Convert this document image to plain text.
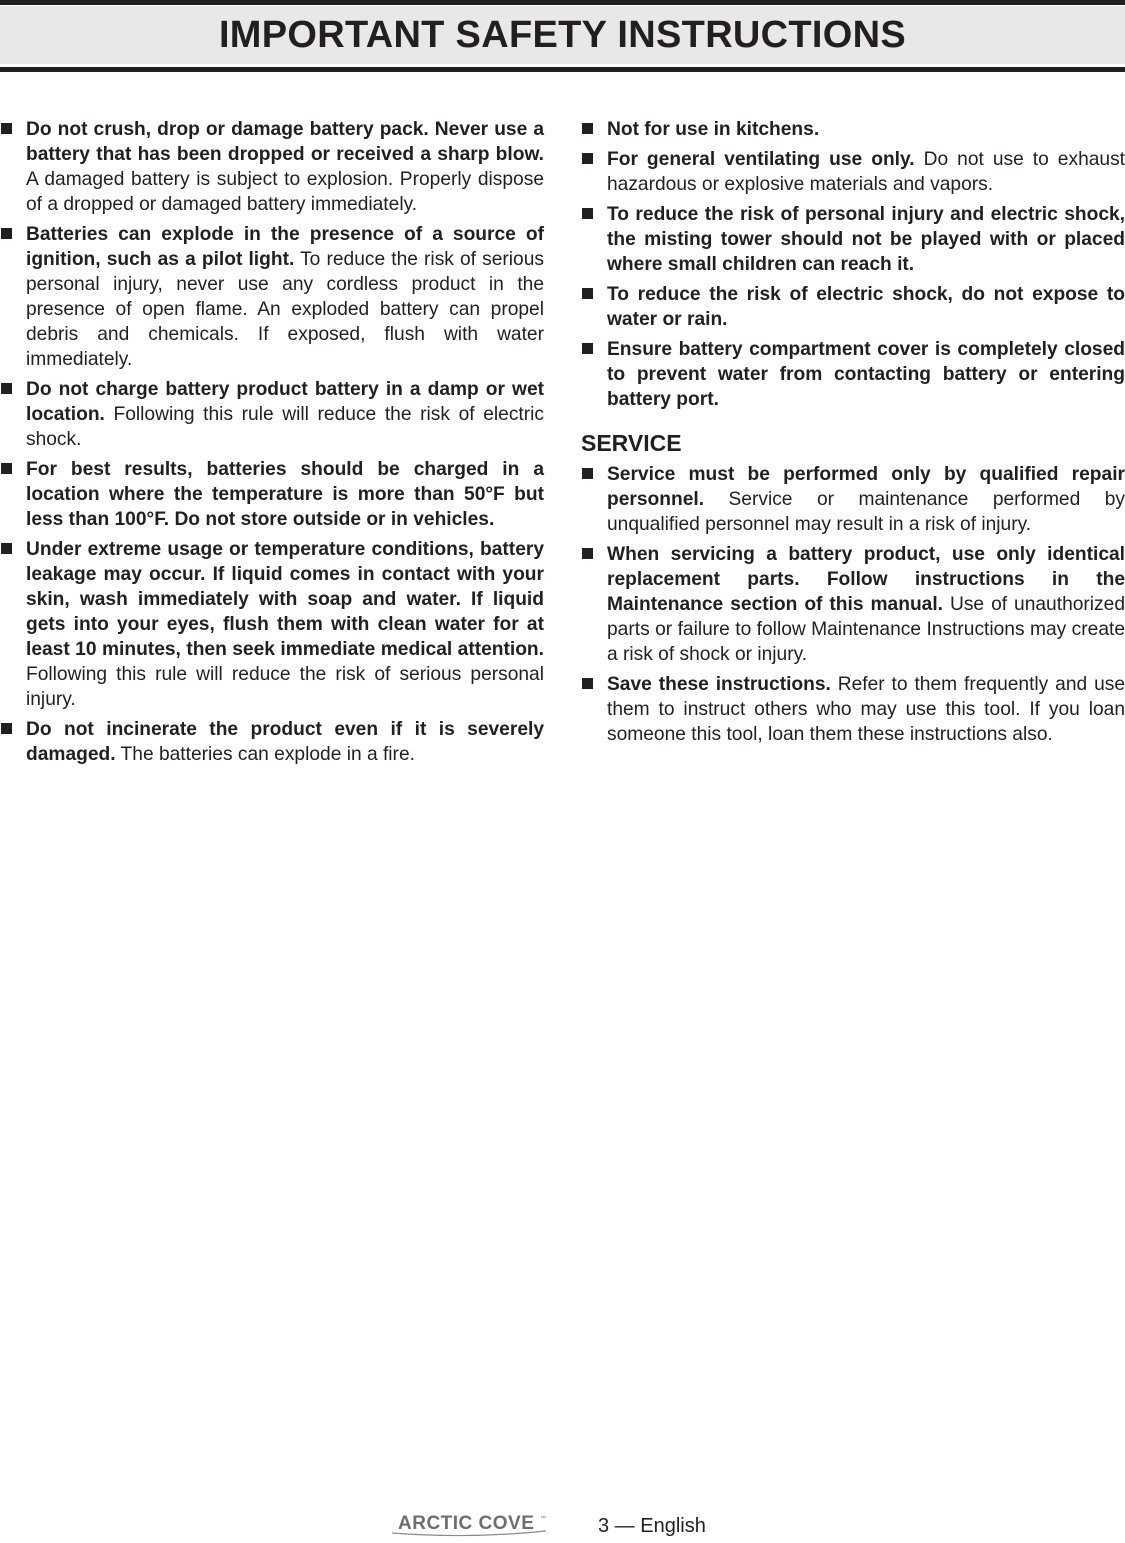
IMPORTANT SAFETY INSTRUCTIONS
Do not crush, drop or damage battery pack. Never use a battery that has been dropped or received a sharp blow. A damaged battery is subject to explosion. Properly dispose of a dropped or damaged battery immediately.
Batteries can explode in the presence of a source of ignition, such as a pilot light. To reduce the risk of serious personal injury, never use any cordless product in the presence of open flame. An exploded battery can propel debris and chemicals. If exposed, flush with water immediately.
Do not charge battery product battery in a damp or wet location. Following this rule will reduce the risk of electric shock.
For best results, batteries should be charged in a location where the temperature is more than 50°F but less than 100°F. Do not store outside or in vehicles.
Under extreme usage or temperature conditions, battery leakage may occur. If liquid comes in contact with your skin, wash immediately with soap and water. If liquid gets into your eyes, flush them with clean water for at least 10 minutes, then seek immediate medical attention. Following this rule will reduce the risk of serious personal injury.
Do not incinerate the product even if it is severely damaged. The batteries can explode in a fire.
Not for use in kitchens.
For general ventilating use only. Do not use to exhaust hazardous or explosive materials and vapors.
To reduce the risk of personal injury and electric shock, the misting tower should not be played with or placed where small children can reach it.
To reduce the risk of electric shock, do not expose to water or rain.
Ensure battery compartment cover is completely closed to prevent water from contacting battery or entering battery port.
SERVICE
Service must be performed only by qualified repair personnel. Service or maintenance performed by unqualified personnel may result in a risk of injury.
When servicing a battery product, use only identical replacement parts. Follow instructions in the Maintenance section of this manual. Use of unauthorized parts or failure to follow Maintenance Instructions may create a risk of shock or injury.
Save these instructions. Refer to them frequently and use them to instruct others who may use this tool. If you loan someone this tool, loan them these instructions also.
ARCTIC COVE ™	3 — English
